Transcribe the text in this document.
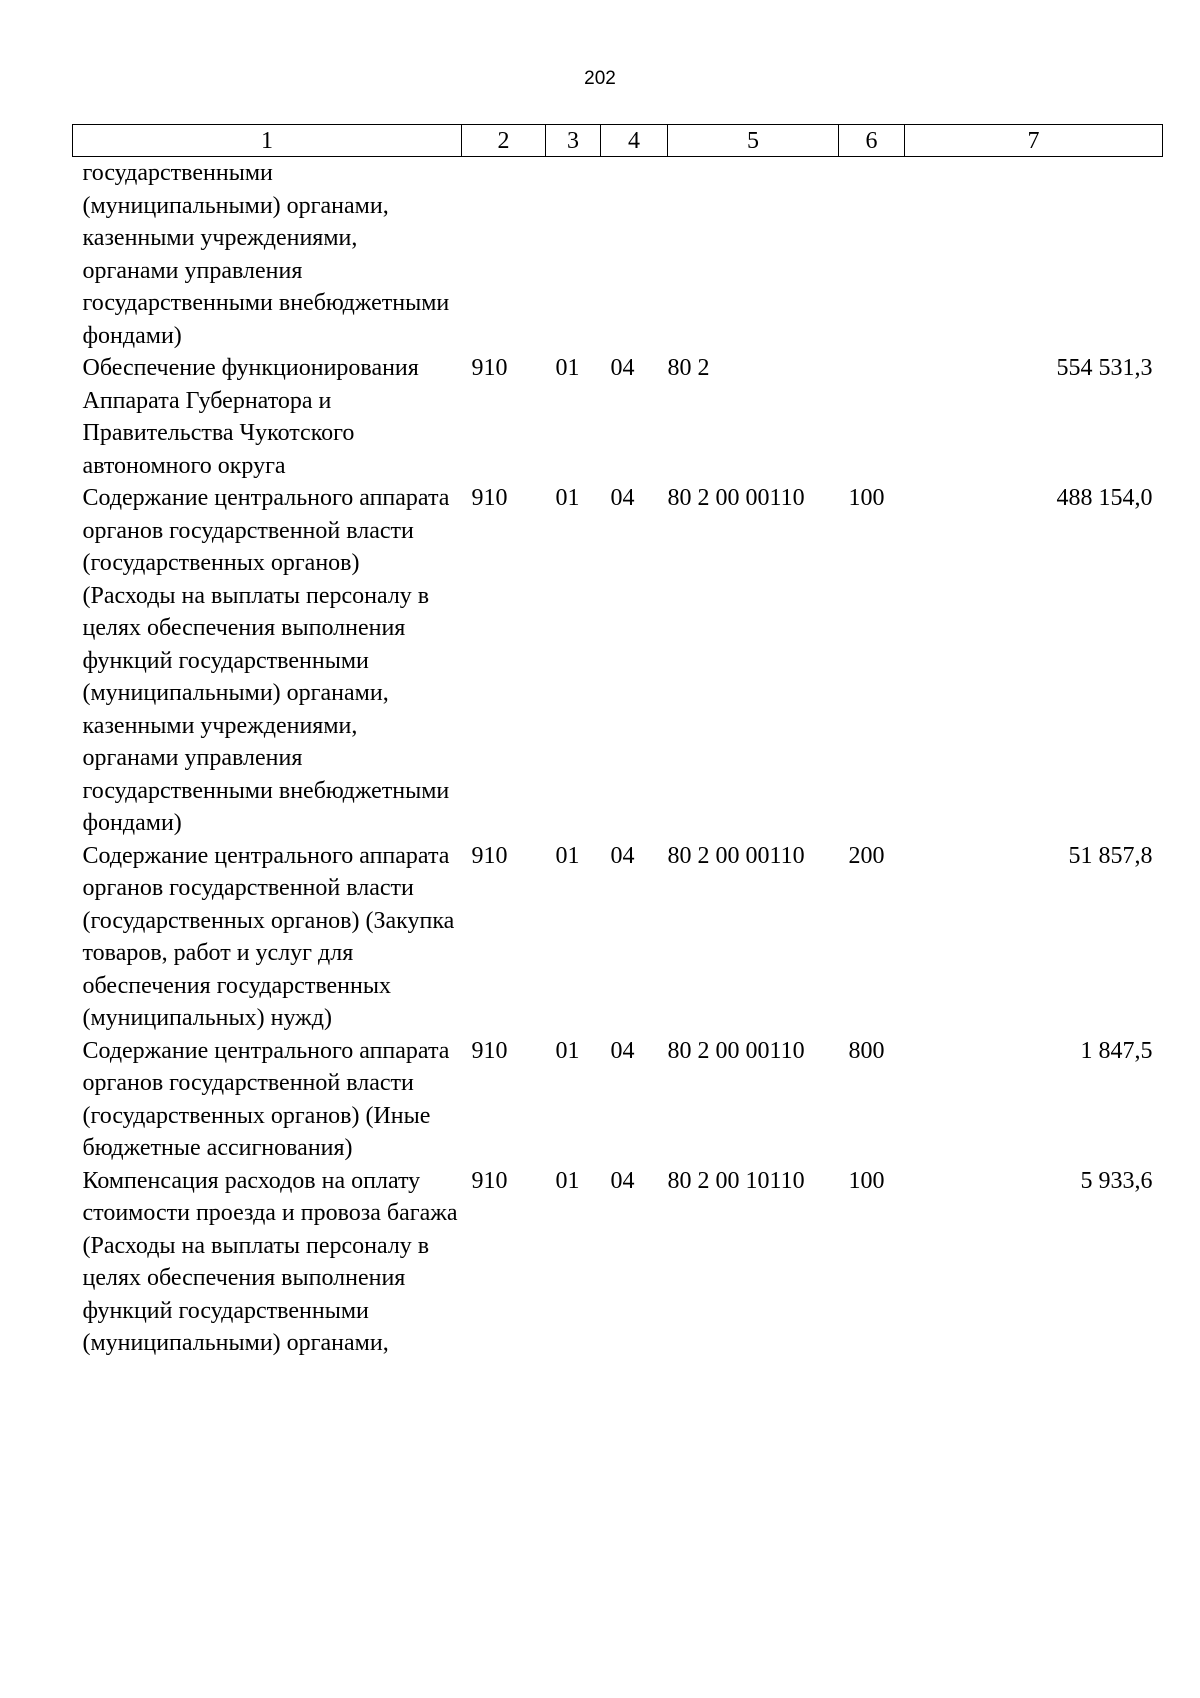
202
1	2	3	4	5	6	7
государственными (муниципальными) органами, казенными учреждениями, органами управления государственными внебюджетными фондами)						
Обеспечение функционирования Аппарата Губернатора и Правительства Чукотского автономного округа	910	01	04	80 2		554 531,3
Содержание центрального аппарата органов государственной власти (государственных органов) (Расходы на выплаты персоналу в целях обеспечения выполнения функций государственными (муниципальными) органами, казенными учреждениями, органами управления государственными внебюджетными фондами)	910	01	04	80 2 00 00110	100	488 154,0
Содержание центрального аппарата органов государственной власти (государственных органов) (Закупка товаров, работ и услуг для обеспечения государственных (муниципальных) нужд)	910	01	04	80 2 00 00110	200	51 857,8
Содержание центрального аппарата органов государственной власти (государственных органов) (Иные бюджетные ассигнования)	910	01	04	80 2 00 00110	800	1 847,5
Компенсация расходов на оплату стоимости проезда и провоза багажа (Расходы на выплаты персоналу в целях обеспечения выполнения функций государственными (муниципальными) органами,	910	01	04	80 2 00 10110	100	5 933,6
